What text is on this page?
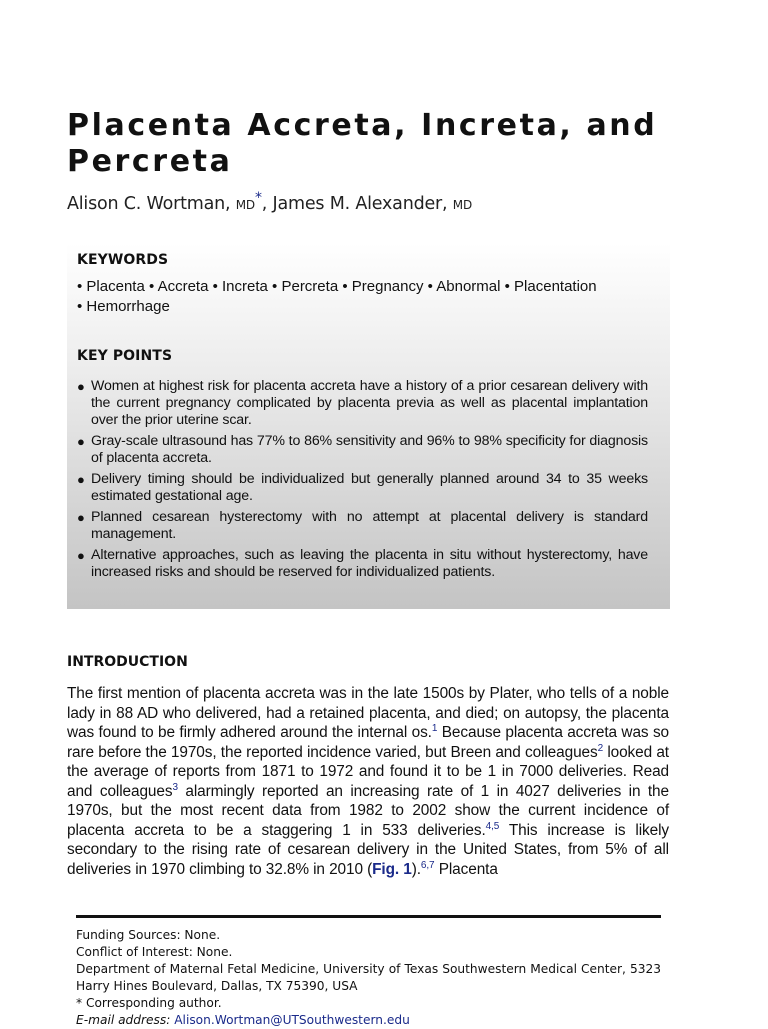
Placenta Accreta, Increta, and Percreta
Alison C. Wortman, MD*, James M. Alexander, MD
KEYWORDS
• Placenta • Accreta • Increta • Percreta • Pregnancy • Abnormal • Placentation
• Hemorrhage
KEY POINTS
● Women at highest risk for placenta accreta have a history of a prior cesarean delivery with the current pregnancy complicated by placenta previa as well as placental implantation over the prior uterine scar.
● Gray-scale ultrasound has 77% to 86% sensitivity and 96% to 98% specificity for diagnosis of placenta accreta.
● Delivery timing should be individualized but generally planned around 34 to 35 weeks estimated gestational age.
● Planned cesarean hysterectomy with no attempt at placental delivery is standard management.
● Alternative approaches, such as leaving the placenta in situ without hysterectomy, have increased risks and should be reserved for individualized patients.
INTRODUCTION

The first mention of placenta accreta was in the late 1500s by Plater, who tells of a noble lady in 88 AD who delivered, had a retained placenta, and died; on autopsy, the placenta was found to be firmly adhered around the internal os.$^1$ Because placenta accreta was so rare before the 1970s, the reported incidence varied, but Breen and colleagues$^2$ looked at the average of reports from 1871 to 1972 and found it to be 1 in 7000 deliveries. Read and colleagues$^3$ alarmingly reported an increasing rate of 1 in 4027 deliveries in the 1970s, but the most recent data from 1982 to 2002 show the current incidence of placenta accreta to be a staggering 1 in 533 deliveries.$^{4,5}$ This increase is likely secondary to the rising rate of cesarean delivery in the United States, from 5% of all deliveries in 1970 climbing to 32.8% in 2010 (Fig. 1).$^{6,7}$ Placenta

Funding Sources: None.
Conflict of Interest: None.
Department of Maternal Fetal Medicine, University of Texas Southwestern Medical Center, 5323 Harry Hines Boulevard, Dallas, TX 75390, USA
* Corresponding author.
E-mail address: Alison.Wortman@UTSouthwestern.edu
